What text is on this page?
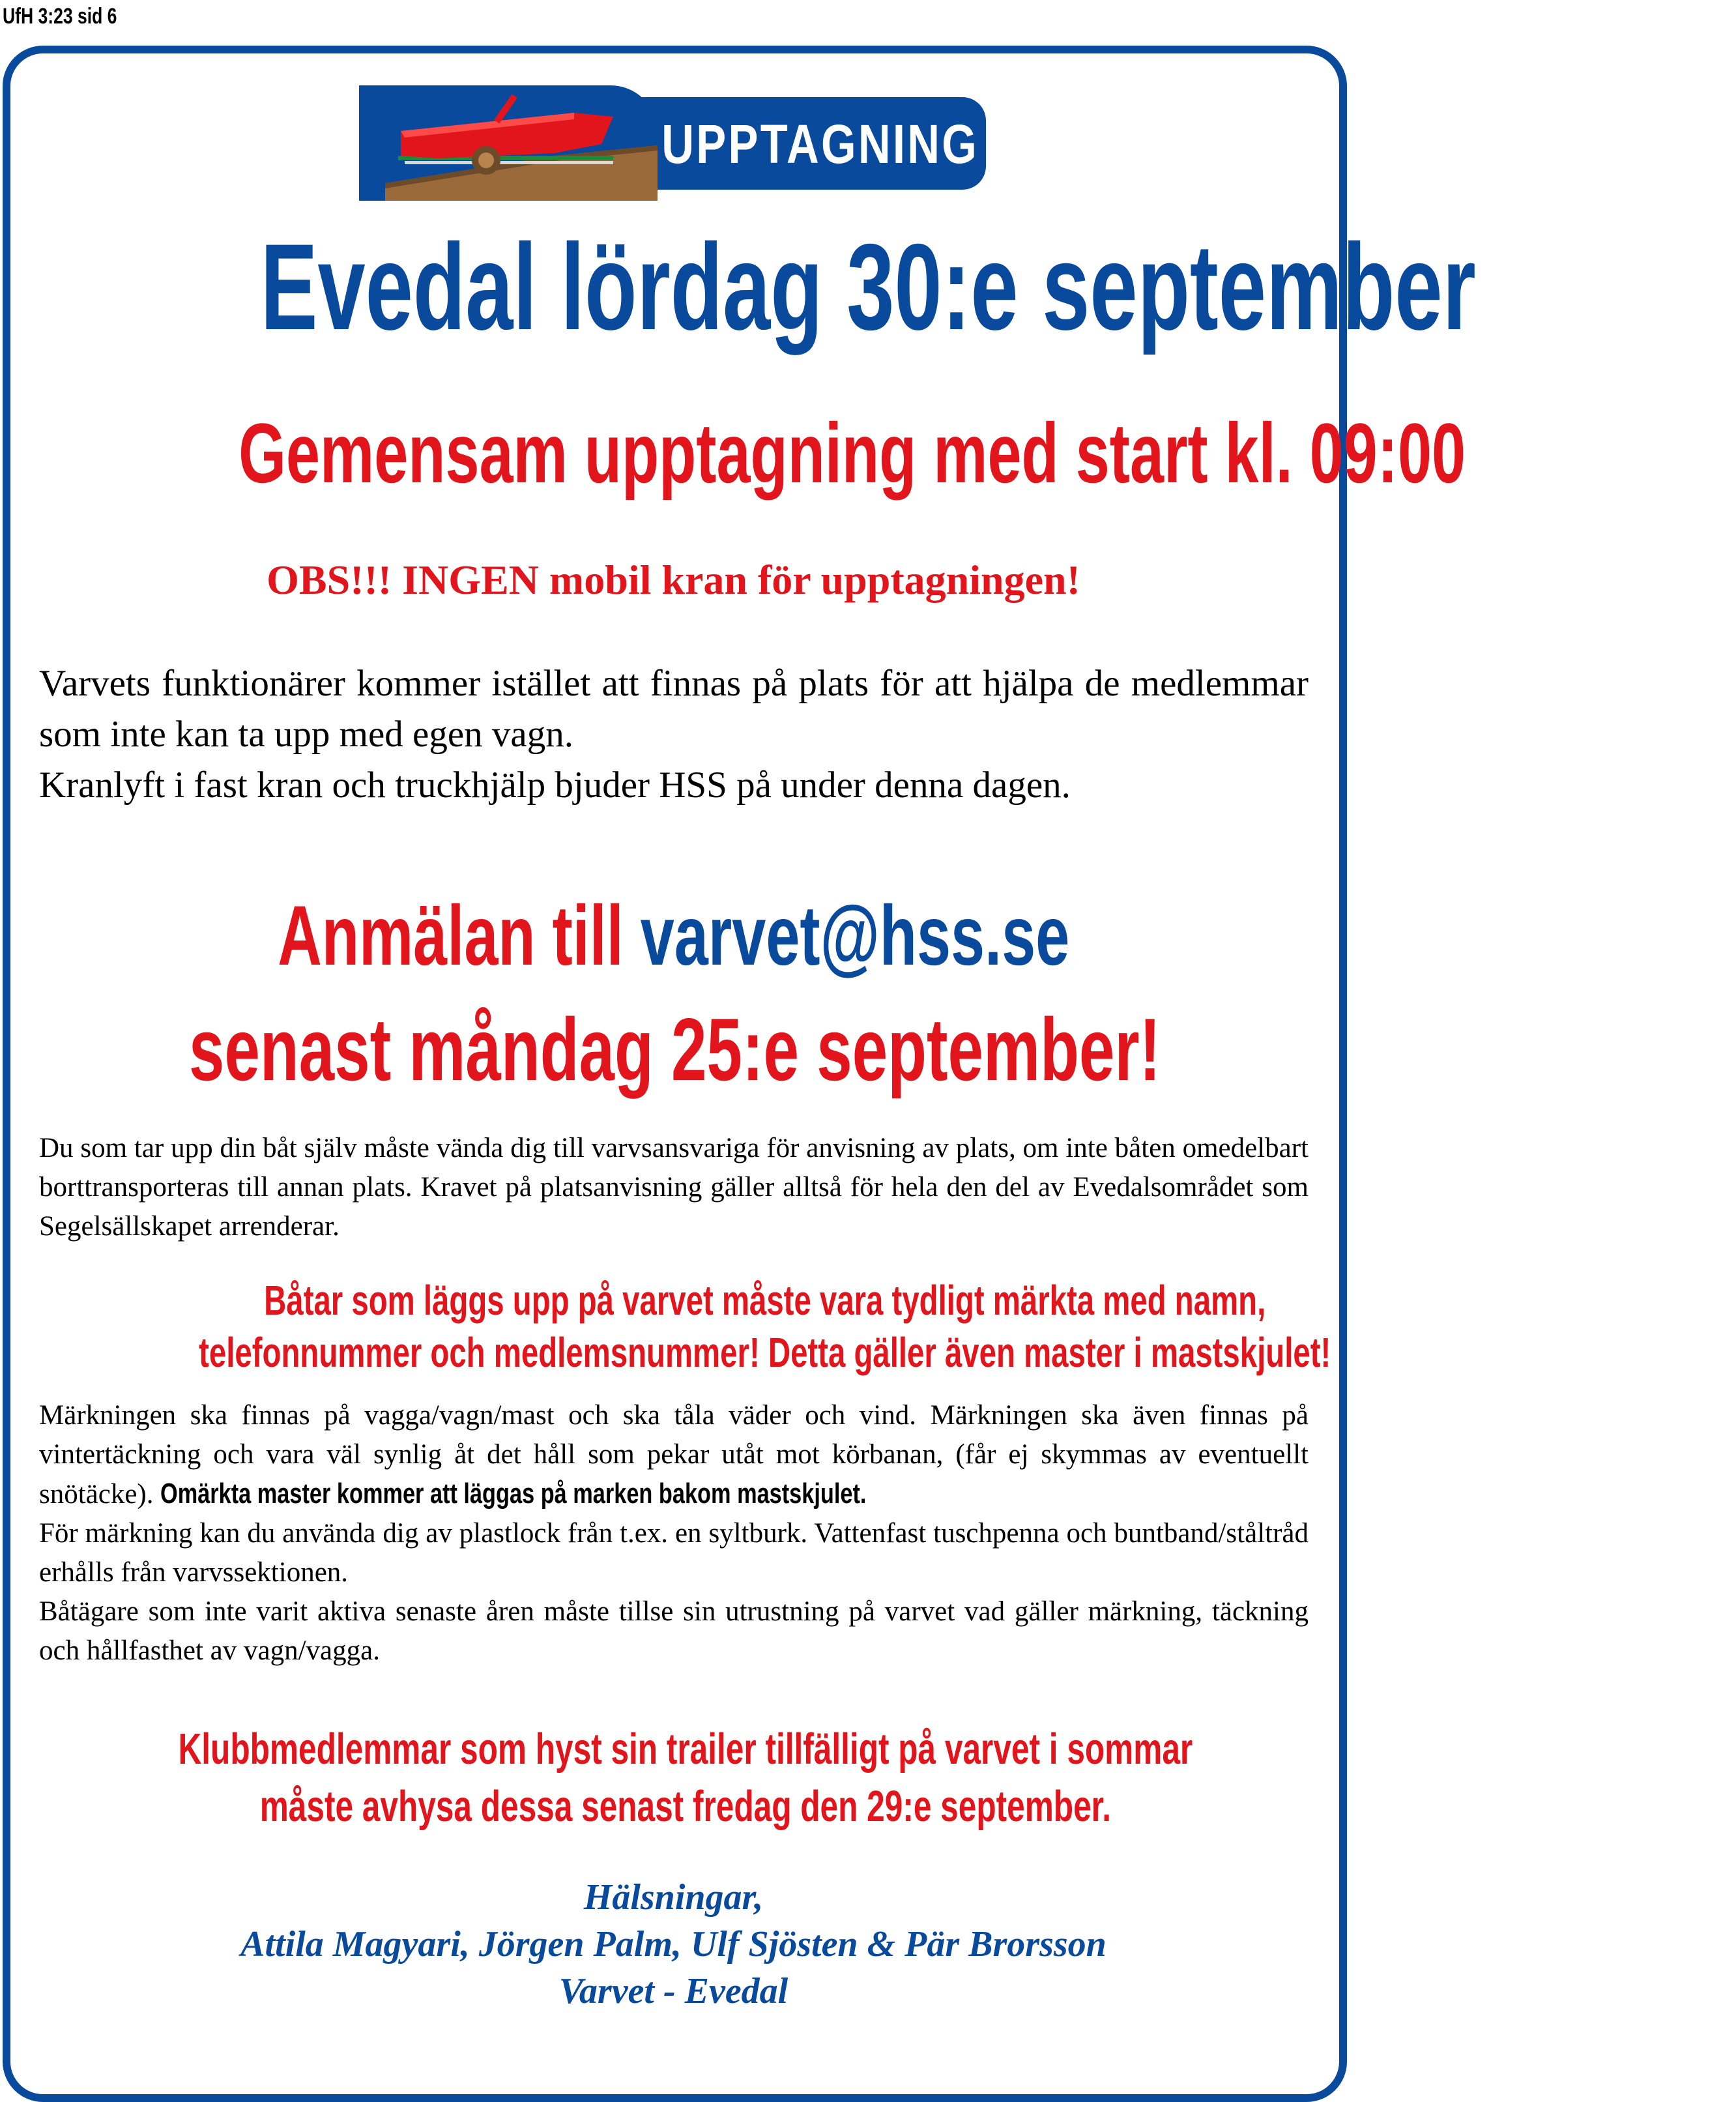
UfH 3:23 sid 6
UPPTAGNING
Evedal lördag 30:e september
Gemensam upptagning med start kl. 09:00
OBS!!! INGEN mobil kran för upptagningen!

Varvets funktionärer kommer istället att finnas på plats för att hjälpa de medlemmar som inte kan ta upp med egen vagn.

Kranlyft i fast kran och truckhjälp bjuder HSS på under denna dagen.

Anmälan till varvet@hss.se
senast måndag 25:e september!

Du som tar upp din båt själv måste vända dig till varvsansvariga för anvisning av plats, om inte båten omedelbart borttransporteras till annan plats. Kravet på platsanvisning gäller alltså för hela den del av Evedalsområdet som Segelsällskapet arrenderar.

Båtar som läggs upp på varvet måste vara tydligt märkta med namn,
telefonnummer och medlemsnummer! Detta gäller även master i mastskjulet!

Märkningen ska finnas på vagga/vagn/mast och ska tåla väder och vind. Märkningen ska även finnas på vintertäckning och vara väl synlig åt det håll som pekar utåt mot körbanan, (får ej skymmas av eventuellt snötäcke). Omärkta master kommer att läggas på marken bakom mastskjulet.

För märkning kan du använda dig av plastlock från t.ex. en syltburk. Vattenfast tuschpenna och buntband/ståltråd erhålls från varvssektionen.

Båtägare som inte varit aktiva senaste åren måste tillse sin utrustning på varvet vad gäller märkning, täckning och hållfasthet av vagn/vagga.

Klubbmedlemmar som hyst sin trailer tillfälligt på varvet i sommar
måste avhysa dessa senast fredag den 29:e september.
Hälsningar,
Attila Magyari, Jörgen Palm, Ulf Sjösten & Pär Brorsson
Varvet - Evedal
